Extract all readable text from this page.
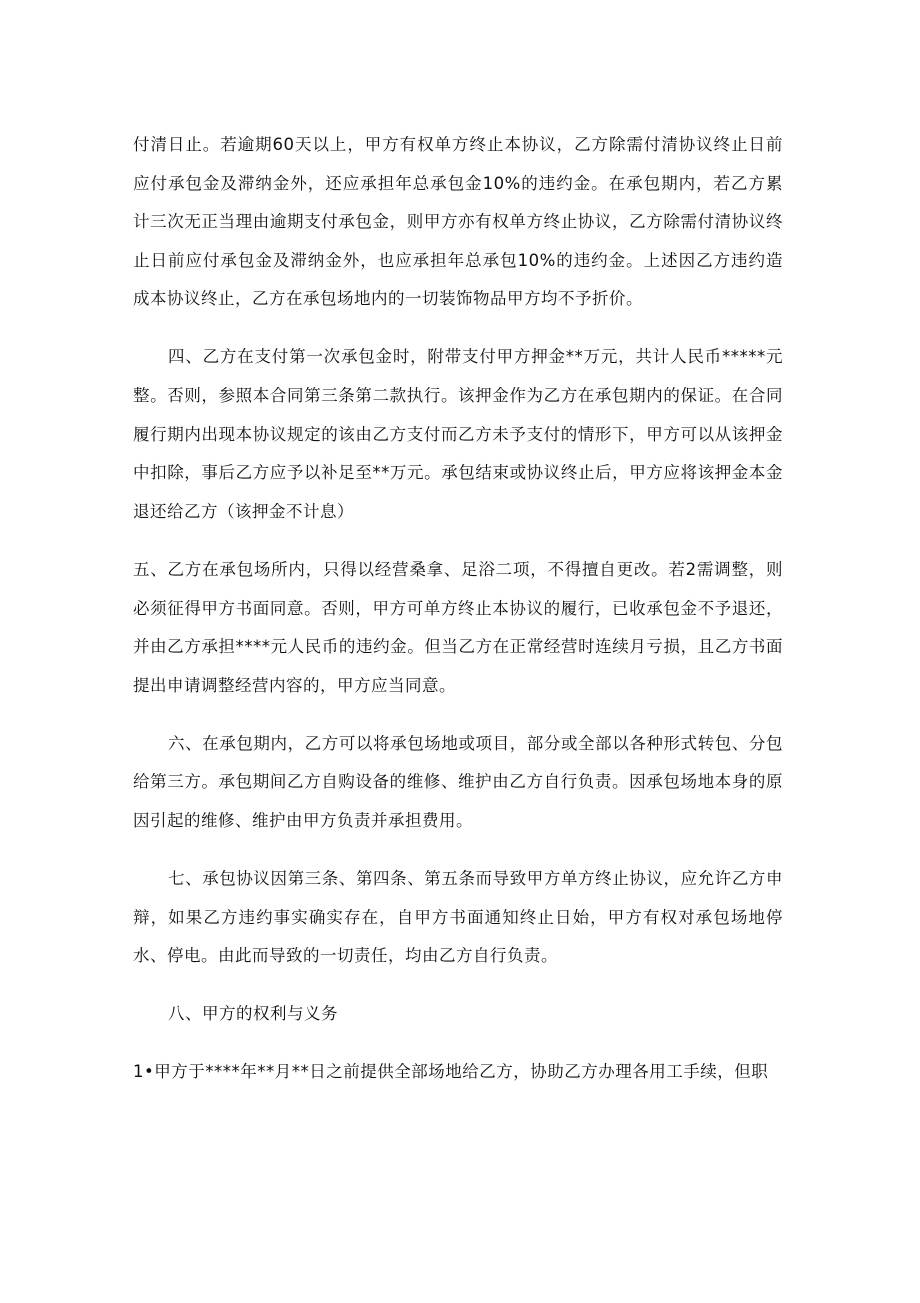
付清日止。若逾期60天以上，甲方有权单方终止本协议，乙方除需付清协议终止日前应付承包金及滞纳金外，还应承担年总承包金10%的违约金。在承包期内，若乙方累计三次无正当理由逾期支付承包金，则甲方亦有权单方终止协议，乙方除需付清协议终止日前应付承包金及滞纳金外，也应承担年总承包10%的违约金。上述因乙方违约造成本协议终止，乙方在承包场地内的一切装饰物品甲方均不予折价。

四、乙方在支付第一次承包金时，附带支付甲方押金**万元，共计人民币*****元整。否则，参照本合同第三条第二款执行。该押金作为乙方在承包期内的保证。在合同履行期内出现本协议规定的该由乙方支付而乙方未予支付的情形下，甲方可以从该押金中扣除，事后乙方应予以补足至**万元。承包结束或协议终止后，甲方应将该押金本金退还给乙方（该押金不计息）

五、乙方在承包场所内，只得以经营桑拿、足浴二项，不得擅自更改。若2需调整，则必须征得甲方书面同意。否则，甲方可单方终止本协议的履行，已收承包金不予退还，并由乙方承担****元人民币的违约金。但当乙方在正常经营时连续月亏损，且乙方书面提出申请调整经营内容的，甲方应当同意。

六、在承包期内，乙方可以将承包场地或项目，部分或全部以各种形式转包、分包给第三方。承包期间乙方自购设备的维修、维护由乙方自行负责。因承包场地本身的原因引起的维修、维护由甲方负责并承担费用。

七、承包协议因第三条、第四条、第五条而导致甲方单方终止协议，应允许乙方申辩，如果乙方违约事实确实存在，自甲方书面通知终止日始，甲方有权对承包场地停水、停电。由此而导致的一切责任，均由乙方自行负责。

八、甲方的权利与义务

1•甲方于****年**月**日之前提供全部场地给乙方，协助乙方办理各用工手续，但职
